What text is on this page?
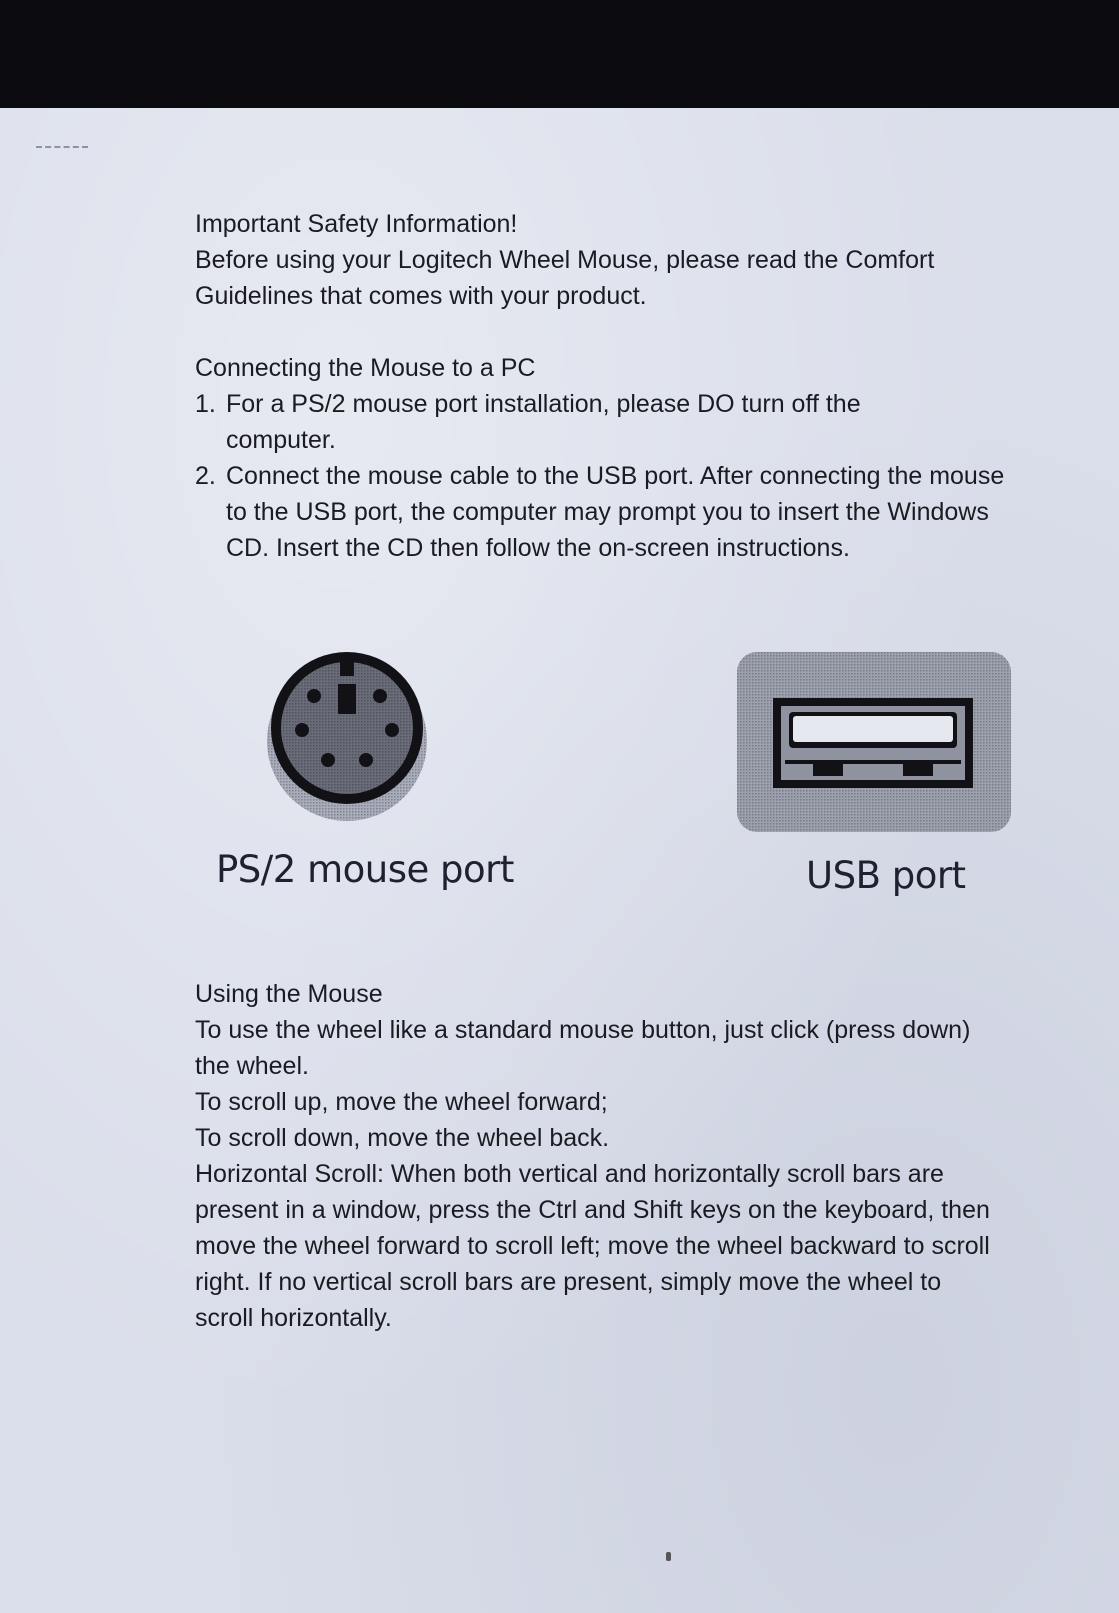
Important Safety Information!

Before using your Logitech Wheel Mouse, please read the Comfort Guidelines that comes with your product.

Connecting the Mouse to a PC

1. For a PS/2 mouse port installation, please DO turn off the computer.
2. Connect the mouse cable to the USB port. After connecting the mouse to the USB port, the computer may prompt you to insert the Windows CD. Insert the CD then follow the on-screen instructions.
PS/2 mouse port	USB port

Using the Mouse

To use the wheel like a standard mouse button, just click (press down) the wheel.

To scroll up, move the wheel forward;

To scroll down, move the wheel back.

Horizontal Scroll: When both vertical and horizontally scroll bars are present in a window, press the Ctrl and Shift keys on the keyboard, then move the wheel forward to scroll left; move the wheel backward to scroll right. If no vertical scroll bars are present, simply move the wheel to scroll horizontally.
